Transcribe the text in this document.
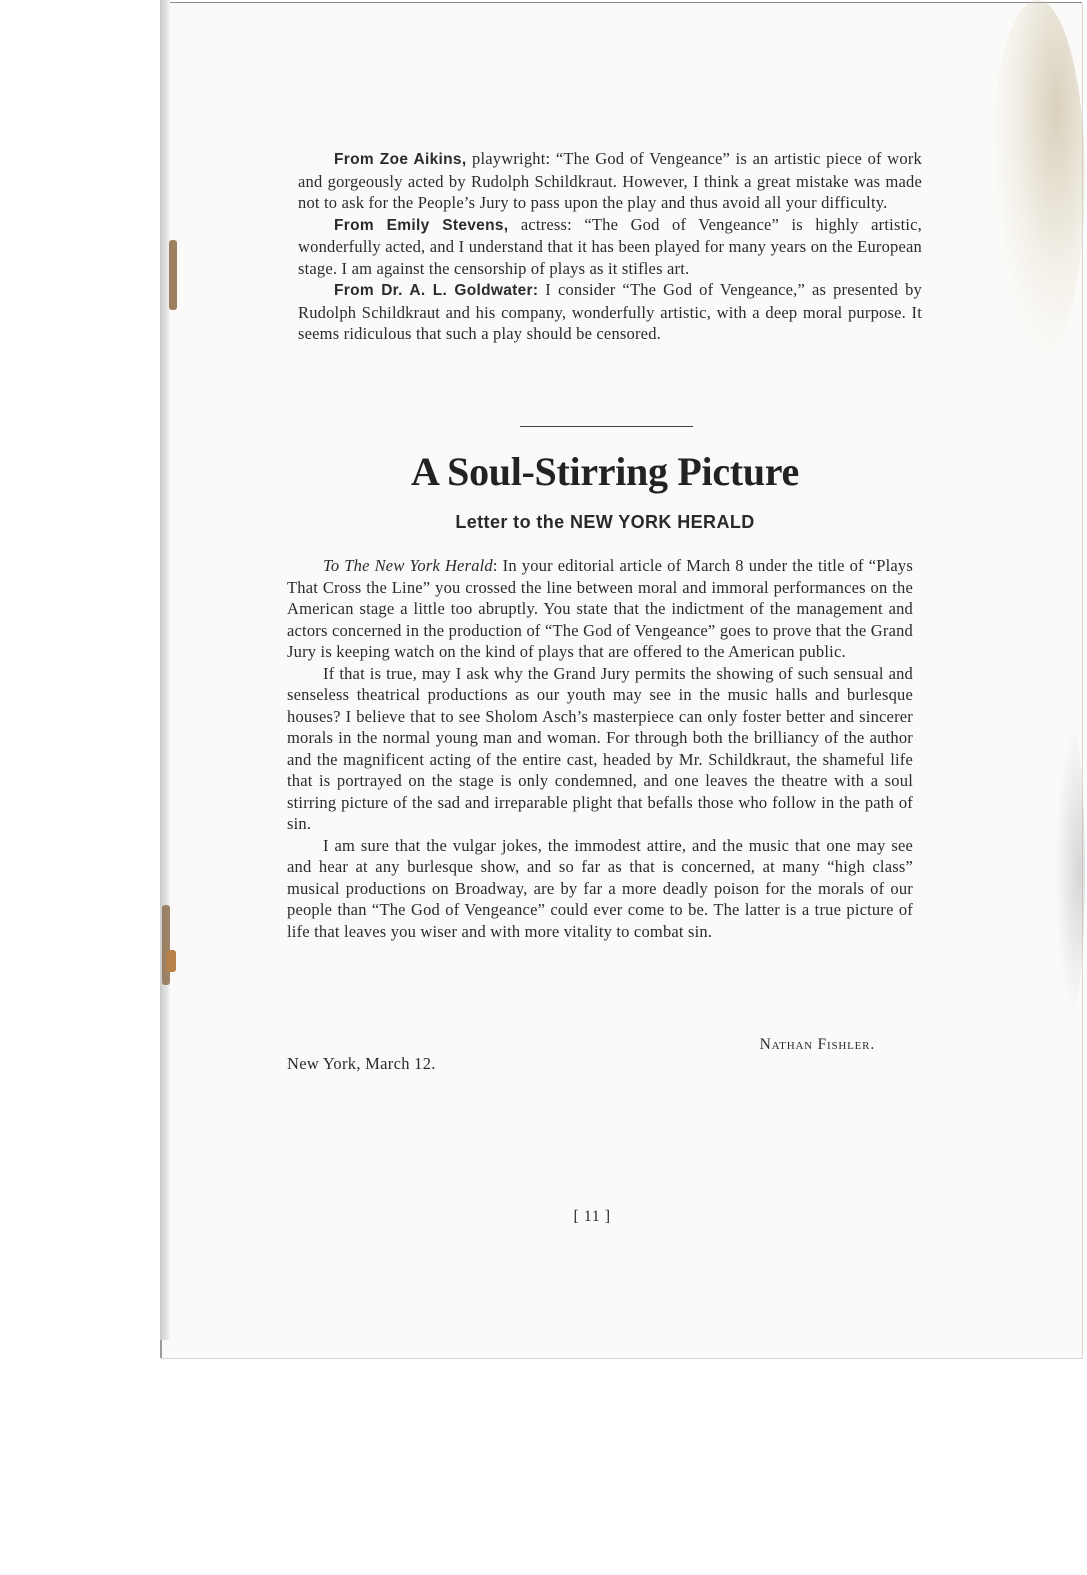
From Zoe Aikins, playwright: “The God of Vengeance” is an artistic piece of work and gorgeously acted by Rudolph Schildkraut. However, I think a great mistake was made not to ask for the People’s Jury to pass upon the play and thus avoid all your difficulty.

From Emily Stevens, actress: “The God of Vengeance” is highly artistic, wonderfully acted, and I understand that it has been played for many years on the European stage. I am against the censorship of plays as it stifles art.

From Dr. A. L. Goldwater: I consider “The God of Vengeance,” as presented by Rudolph Schildkraut and his company, wonderfully artistic, with a deep moral purpose. It seems ridiculous that such a play should be censored.

A Soul-Stirring Picture
Letter to the NEW YORK HERALD

To The New York Herald: In your editorial article of March 8 under the title of “Plays That Cross the Line” you crossed the line between moral and immoral performances on the American stage a little too abruptly. You state that the indictment of the management and actors concerned in the production of “The God of Vengeance” goes to prove that the Grand Jury is keeping watch on the kind of plays that are offered to the American public.

If that is true, may I ask why the Grand Jury permits the showing of such sensual and senseless theatrical productions as our youth may see in the music halls and burlesque houses? I believe that to see Sholom Asch’s masterpiece can only foster better and sincerer morals in the normal young man and woman. For through both the brilliancy of the author and the magnificent acting of the entire cast, headed by Mr. Schildkraut, the shameful life that is portrayed on the stage is only condemned, and one leaves the theatre with a soul stirring picture of the sad and irreparable plight that befalls those who follow in the path of sin.

I am sure that the vulgar jokes, the immodest attire, and the music that one may see and hear at any burlesque show, and so far as that is concerned, at many “high class” musical productions on Broadway, are by far a more deadly poison for the morals of our people than “The God of Vengeance” could ever come to be. The latter is a true picture of life that leaves you wiser and with more vitality to combat sin.

Nathan Fishler.
New York, March 12.
[ 11 ]
